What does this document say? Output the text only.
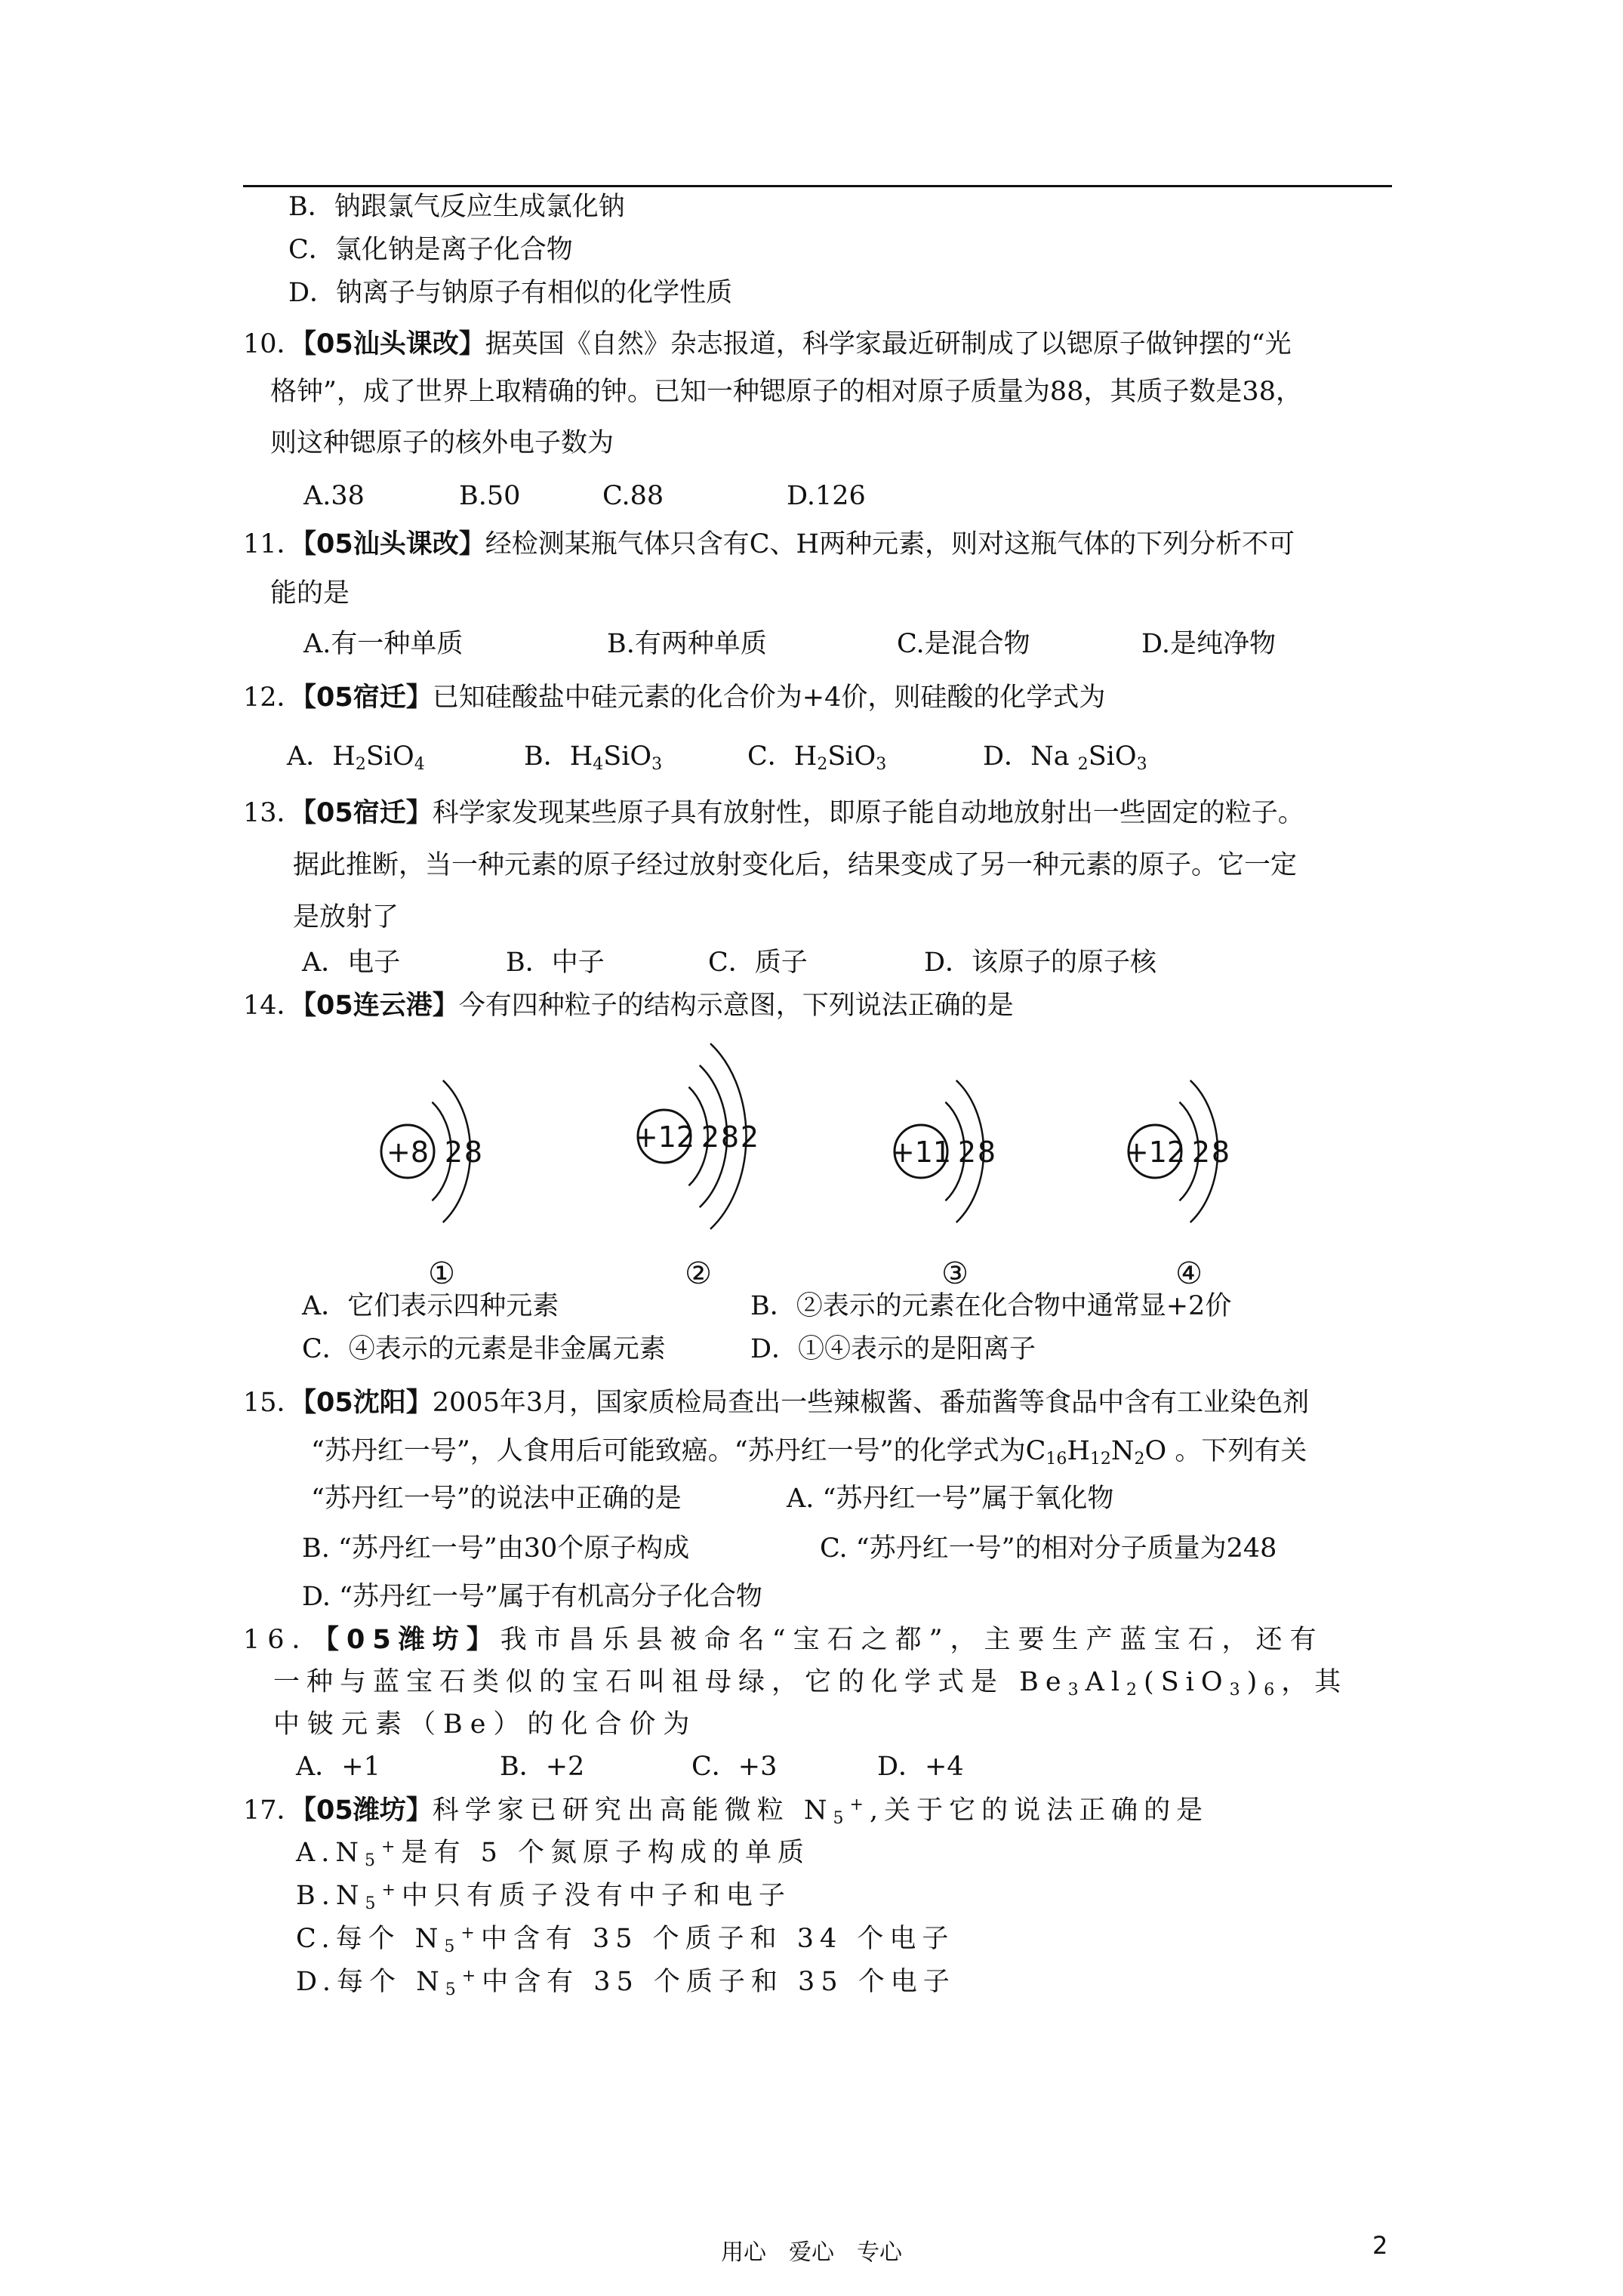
B．钠跟氯气反应生成氯化钠
C．氯化钠是离子化合物
D．钠离子与钠原子有相似的化学性质
10．【05汕头课改】据英国《自然》杂志报道，科学家最近研制成了以锶原子做钟摆的“光
格钟”，成了世界上取精确的钟。已知一种锶原子的相对原子质量为88，其质子数是38，
则这种锶原子的核外电子数为
A.38	B.50	C.88	D.126
11．【05汕头课改】经检测某瓶气体只含有C、H两种元素，则对这瓶气体的下列分析不可
能的是
A.有一种单质	B.有两种单质	C.是混合物	D.是纯净物
12．【05宿迁】已知硅酸盐中硅元素的化合价为+4价，则硅酸的化学式为
A．$H_2SiO_4$	B．$H_4SiO_3$	C．$H_2SiO_3$	D．Na $_2$SiO$_3$
13．【05宿迁】科学家发现某些原子具有放射性，即原子能自动地放射出一些固定的粒子。
据此推断，当一种元素的原子经过放射变化后，结果变成了另一种元素的原子。它一定
是放射了
A．电子	B．中子	C．质子	D．该原子的原子核
14．【05连云港】今有四种粒子的结构示意图，下列说法正确的是
+8 2 8
①
+12 2 8 2
②
+11 2 8
③
+12 2 8
④
A．它们表示四种元素	B．②表示的元素在化合物中通常显+2价
C．④表示的元素是非金属元素	D．①④表示的是阳离子
15．【05沈阳】2005年3月，国家质检局查出一些辣椒酱、番茄酱等食品中含有工业染色剂
“苏丹红一号”，人食用后可能致癌。“苏丹红一号”的化学式为$C_{16}H_{12}N_2O$ 。下列有关
“苏丹红一号”的说法中正确的是	A. “苏丹红一号”属于氧化物
B. “苏丹红一号”由30个原子构成	C. “苏丹红一号”的相对分子质量为248
D. “苏丹红一号”属于有机高分子化合物
16．【05潍坊】我市昌乐县被命名“宝石之都”，主要生产蓝宝石，还有
一种与蓝宝石类似的宝石叫祖母绿，它的化学式是 $Be_3Al_2(SiO_3)_6$，其
中铍元素（Be）的化合价为
A．+1	B．+2	C．+3	D．+4
17．【05潍坊】科学家已研究出高能微粒 $N_5^+$,关于它的说法正确的是
$A.N_5^+$是有 5 个氮原子构成的单质
$B.N_5^+$中只有质子没有中子和电子
C.每个 $N_5^+$中含有 35 个质子和 34 个电子
D.每个 $N_5^+$中含有 35 个质子和 35 个电子
用心　爱心　专心	2
